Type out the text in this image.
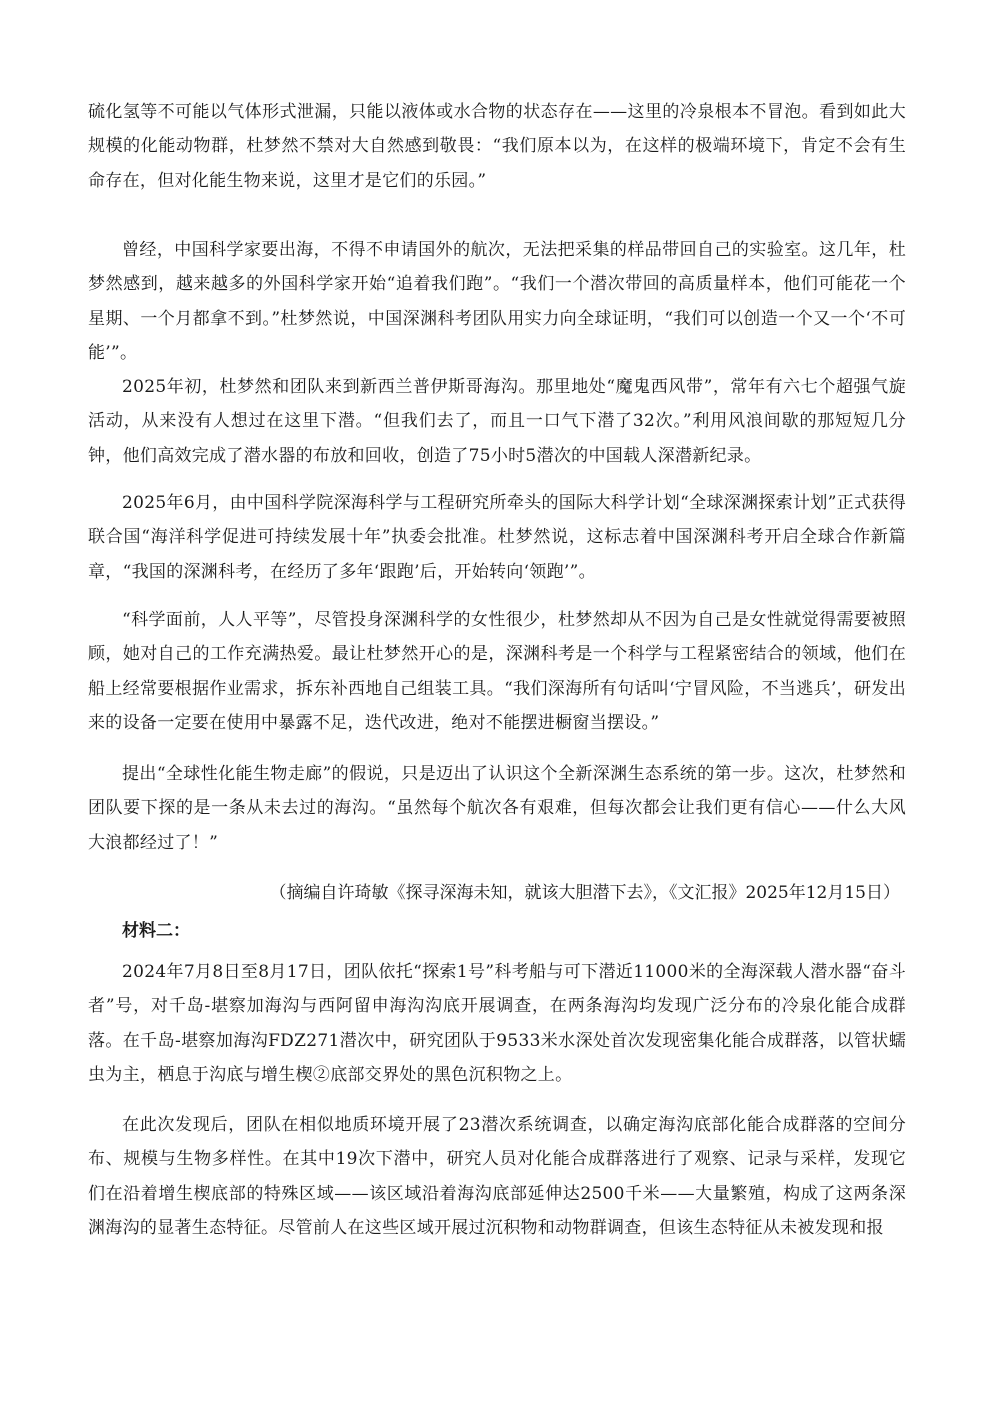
硫化氢等不可能以气体形式泄漏，只能以液体或水合物的状态存在——这里的冷泉根本不冒泡。看到如此大规模的化能动物群，杜梦然不禁对大自然感到敬畏：“我们原本以为，在这样的极端环境下，肯定不会有生命存在，但对化能生物来说，这里才是它们的乐园。”

曾经，中国科学家要出海，不得不申请国外的航次，无法把采集的样品带回自己的实验室。这几年，杜梦然感到，越来越多的外国科学家开始“追着我们跑”。“我们一个潜次带回的高质量样本，他们可能花一个星期、一个月都拿不到。”杜梦然说，中国深渊科考团队用实力向全球证明，“我们可以创造一个又一个‘不可能’”。

2025年初，杜梦然和团队来到新西兰普伊斯哥海沟。那里地处“魔鬼西风带”，常年有六七个超强气旋活动，从来没有人想过在这里下潜。“但我们去了，而且一口气下潜了32次。”利用风浪间歇的那短短几分钟，他们高效完成了潜水器的布放和回收，创造了75小时5潜次的中国载人深潜新纪录。

2025年6月，由中国科学院深海科学与工程研究所牵头的国际大科学计划“全球深渊探索计划”正式获得联合国“海洋科学促进可持续发展十年”执委会批准。杜梦然说，这标志着中国深渊科考开启全球合作新篇章，“我国的深渊科考，在经历了多年‘跟跑’后，开始转向‘领跑’”。

“科学面前，人人平等”，尽管投身深渊科学的女性很少，杜梦然却从不因为自己是女性就觉得需要被照顾，她对自己的工作充满热爱。最让杜梦然开心的是，深渊科考是一个科学与工程紧密结合的领域，他们在船上经常要根据作业需求，拆东补西地自己组装工具。“我们深海所有句话叫‘宁冒风险，不当逃兵’，研发出来的设备一定要在使用中暴露不足，迭代改进，绝对不能摆进橱窗当摆设。”

提出“全球性化能生物走廊”的假说，只是迈出了认识这个全新深渊生态系统的第一步。这次，杜梦然和团队要下探的是一条从未去过的海沟。“虽然每个航次各有艰难，但每次都会让我们更有信心——什么大风大浪都经过了！”

（摘编自许琦敏《探寻深海未知，就该大胆潜下去》，《文汇报》2025年12月15日）

材料二：

2024年7月8日至8月17日，团队依托“探索1号”科考船与可下潜近11000米的全海深载人潜水器“奋斗者”号，对千岛-堪察加海沟与西阿留申海沟沟底开展调查，在两条海沟均发现广泛分布的冷泉化能合成群落。在千岛-堪察加海沟FDZ271潜次中，研究团队于9533米水深处首次发现密集化能合成群落，以管状蠕虫为主，栖息于沟底与增生楔②底部交界处的黑色沉积物之上。

在此次发现后，团队在相似地质环境开展了23潜次系统调查，以确定海沟底部化能合成群落的空间分布、规模与生物多样性。在其中19次下潜中，研究人员对化能合成群落进行了观察、记录与采样，发现它们在沿着增生楔底部的特殊区域——该区域沿着海沟底部延伸达2500千米——大量繁殖，构成了这两条深渊海沟的显著生态特征。尽管前人在这些区域开展过沉积物和动物群调查，但该生态特征从未被发现和报
